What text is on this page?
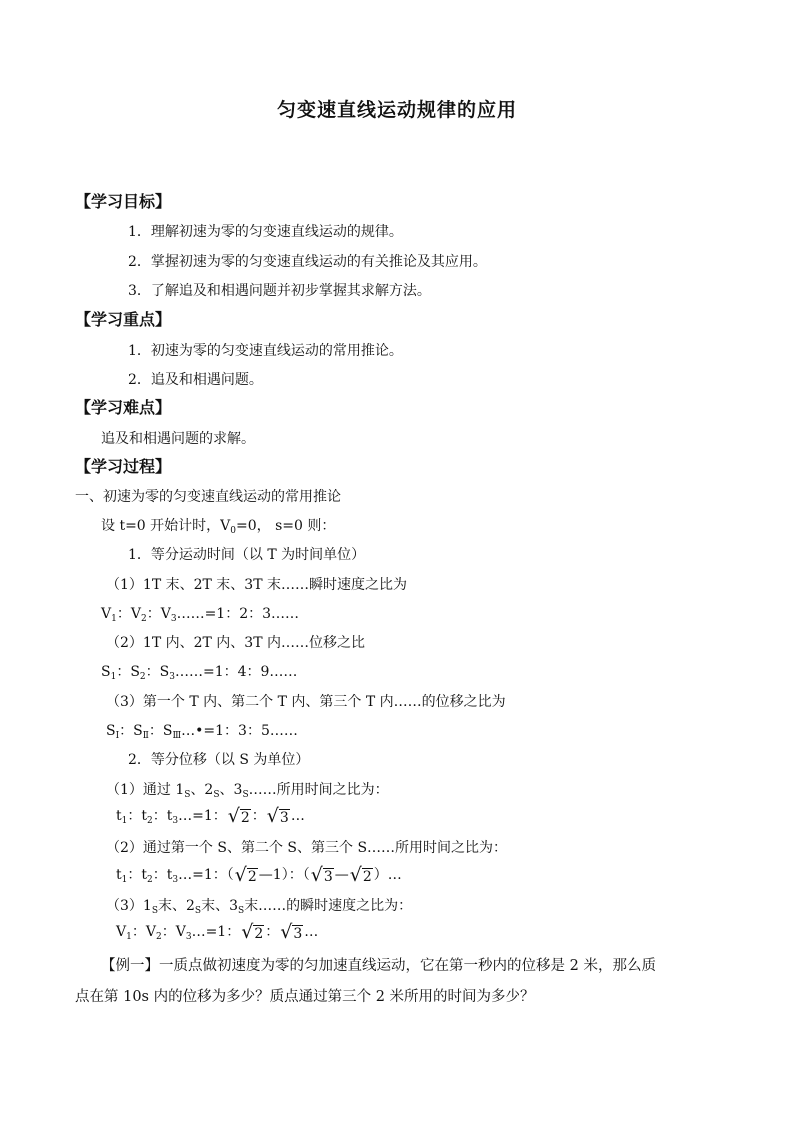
匀变速直线运动规律的应用
【学习目标】
1．理解初速为零的匀变速直线运动的规律。
2．掌握初速为零的匀变速直线运动的有关推论及其应用。
3．了解追及和相遇问题并初步掌握其求解方法。
【学习重点】
1．初速为零的匀变速直线运动的常用推论。
2．追及和相遇问题。
【学习难点】
追及和相遇问题的求解。
【学习过程】
一、初速为零的匀变速直线运动的常用推论
设 t=0 开始计时，$V_0=0$， s=0 则：
1．等分运动时间（以 T 为时间单位）
（1）1T 末、2T 末、3T 末……瞬时速度之比为
$V_1$：$V_2$：$V_3\dots\dots=1$：2：3……
（2）1T 内、2T 内、3T 内……位移之比
$S_1$：$S_2$：$S_3\dots\dots=1$：4：9……
（3）第一个 T 内、第二个 T 内、第三个 T 内……的位移之比为
$S_Ⅰ$：$S_Ⅱ$：$S_Ⅲ\dots•=1$：3：5……
2．等分位移（以 S 为单位）
（1）通过 $1_S$、$2_S$、$3_S\dots\dots$所用时间之比为：
$t_1$：$t_2$：$t_3\dots=1$：√2 ：√3 …
（2）通过第一个 S、第二个 S、第三个 S……所用时间之比为：
$t_1$：$t_2$：$t_3\dots=1$：（√2 —1）：（√3 —√2 ）…
$(3)1_S$末、$2_S$末、$3_S$末……的瞬时速度之比为：
$V_1$：$V_2$：$V_3\dots=1$：√2 ：√3 …
【例一】一质点做初速度为零的匀加速直线运动，它在第一秒内的位移是 2 米，那么质
点在第 10s 内的位移为多少？质点通过第三个 2 米所用的时间为多少？
